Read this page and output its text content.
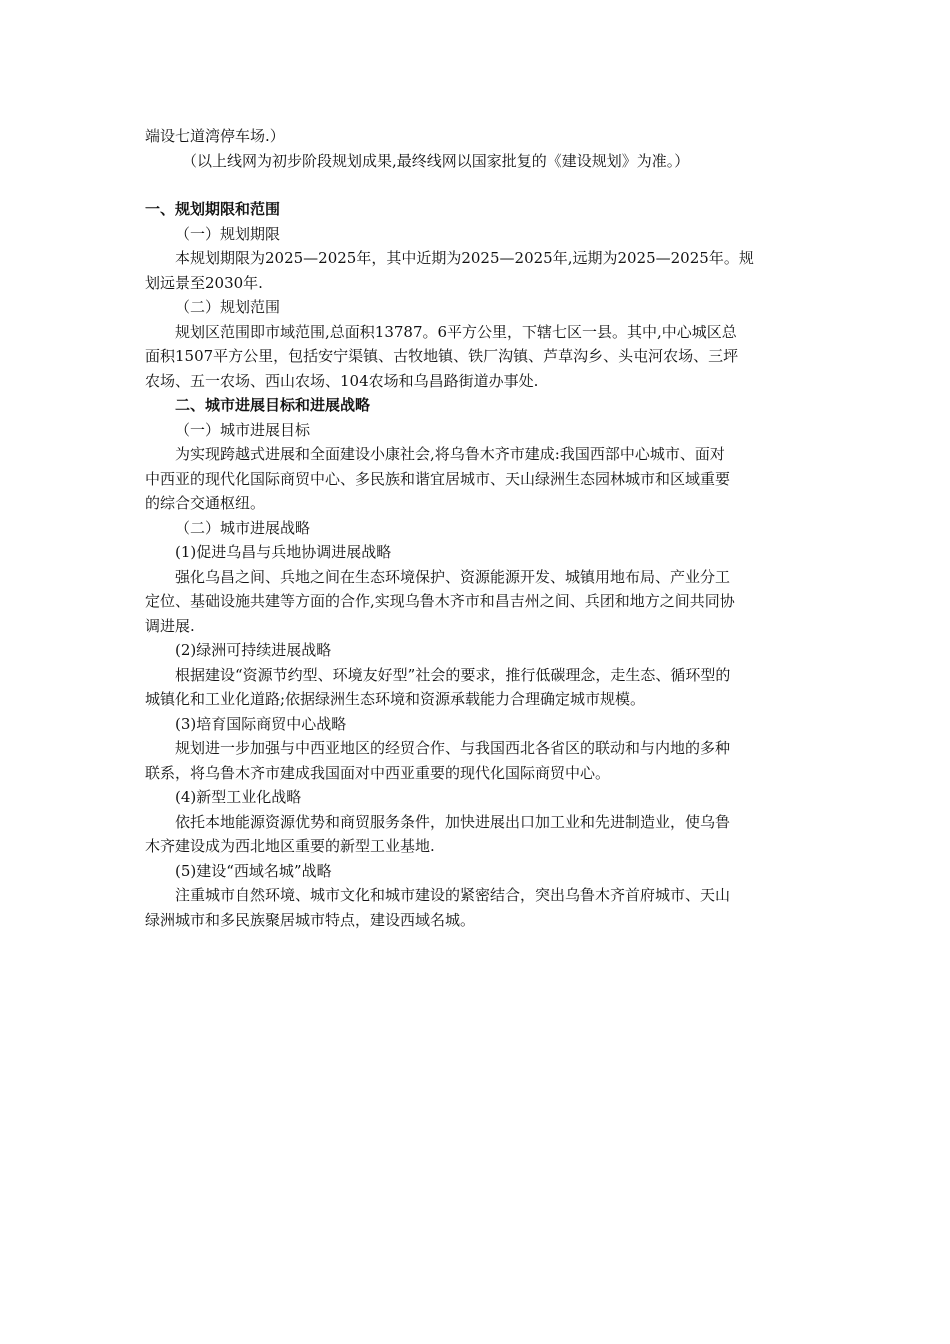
端设七道湾停车场.）
（以上线网为初步阶段规划成果,最终线网以国家批复的《建设规划》为准。）
一、规划期限和范围
（一）规划期限
本规划期限为2025—2025年，其中近期为2025—2025年,远期为2025—2025年。规
划远景至2030年.
（二）规划范围
规划区范围即市域范围,总面积13787。6平方公里，下辖七区一县。其中,中心城区总
面积1507平方公里，包括安宁渠镇、古牧地镇、铁厂沟镇、芦草沟乡、头屯河农场、三坪
农场、五一农场、西山农场、104农场和乌昌路街道办事处.
二、城市进展目标和进展战略
（一）城市进展目标
为实现跨越式进展和全面建设小康社会,将乌鲁木齐市建成:我国西部中心城市、面对
中西亚的现代化国际商贸中心、多民族和谐宜居城市、天山绿洲生态园林城市和区域重要
的综合交通枢纽。
（二）城市进展战略
(1)促进乌昌与兵地协调进展战略
强化乌昌之间、兵地之间在生态环境保护、资源能源开发、城镇用地布局、产业分工
定位、基础设施共建等方面的合作,实现乌鲁木齐市和昌吉州之间、兵团和地方之间共同协
调进展.
(2)绿洲可持续进展战略
根据建设“资源节约型、环境友好型”社会的要求，推行低碳理念，走生态、循环型的
城镇化和工业化道路;依据绿洲生态环境和资源承载能力合理确定城市规模。
(3)培育国际商贸中心战略
规划进一步加强与中西亚地区的经贸合作、与我国西北各省区的联动和与内地的多种
联系，将乌鲁木齐市建成我国面对中西亚重要的现代化国际商贸中心。
(4)新型工业化战略
依托本地能源资源优势和商贸服务条件，加快进展出口加工业和先进制造业，使乌鲁
木齐建设成为西北地区重要的新型工业基地.
(5)建设“西域名城”战略
注重城市自然环境、城市文化和城市建设的紧密结合，突出乌鲁木齐首府城市、天山
绿洲城市和多民族聚居城市特点，建设西域名城。
